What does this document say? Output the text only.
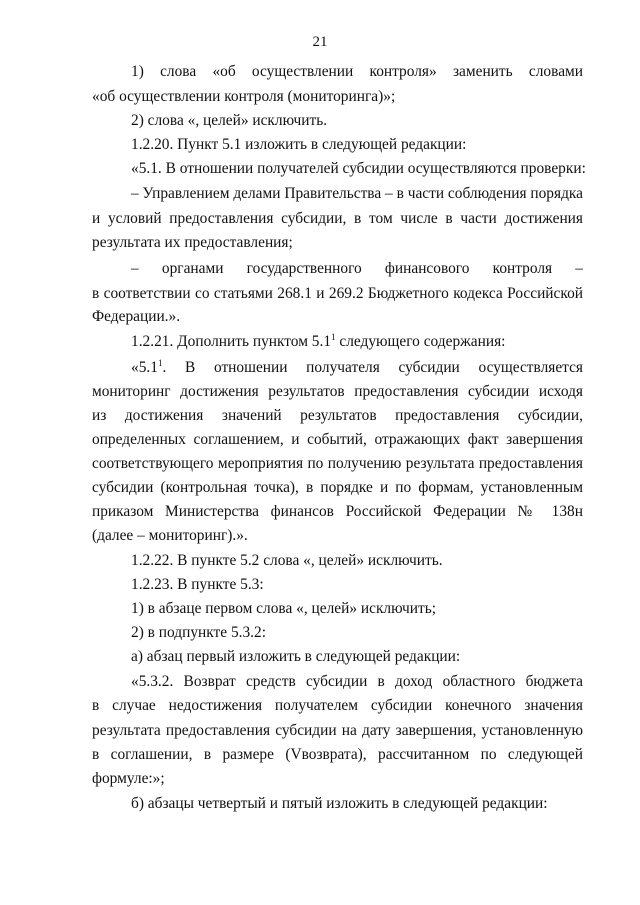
21
1) слова «об осуществлении контроля» заменить словами
«об осуществлении контроля (мониторинга)»;
2) слова «, целей» исключить.
1.2.20. Пункт 5.1 изложить в следующей редакции:
«5.1. В отношении получателей субсидии осуществляются проверки:
– Управлением делами Правительства – в части соблюдения порядка
и условий предоставления субсидии, в том числе в части достижения
результата их предоставления;
– органами государственного финансового контроля –
в соответствии со статьями 268.1 и 269.2 Бюджетного кодекса Российской
Федерации.».
1.2.21. Дополнить пунктом $5.1^1$ следующего содержания:
«$5.1^1$. В отношении получателя субсидии осуществляется
мониторинг достижения результатов предоставления субсидии исходя
из достижения значений результатов предоставления субсидии,
определенных соглашением, и событий, отражающих факт завершения
соответствующего мероприятия по получению результата предоставления
субсидии (контрольная точка), в порядке и по формам, установленным
приказом Министерства финансов Российской Федерации № 138н
(далее – мониторинг).».
1.2.22. В пункте 5.2 слова «, целей» исключить.
1.2.23. В пункте 5.3:
1) в абзаце первом слова «, целей» исключить;
2) в подпункте 5.3.2:
а) абзац первый изложить в следующей редакции:
«5.3.2. Возврат средств субсидии в доход областного бюджета
в случае недостижения получателем субсидии конечного значения
результата предоставления субсидии на дату завершения, установленную
в соглашении, в размере (Vвозврата), рассчитанном по следующей
формуле:»;
б) абзацы четвертый и пятый изложить в следующей редакции:
